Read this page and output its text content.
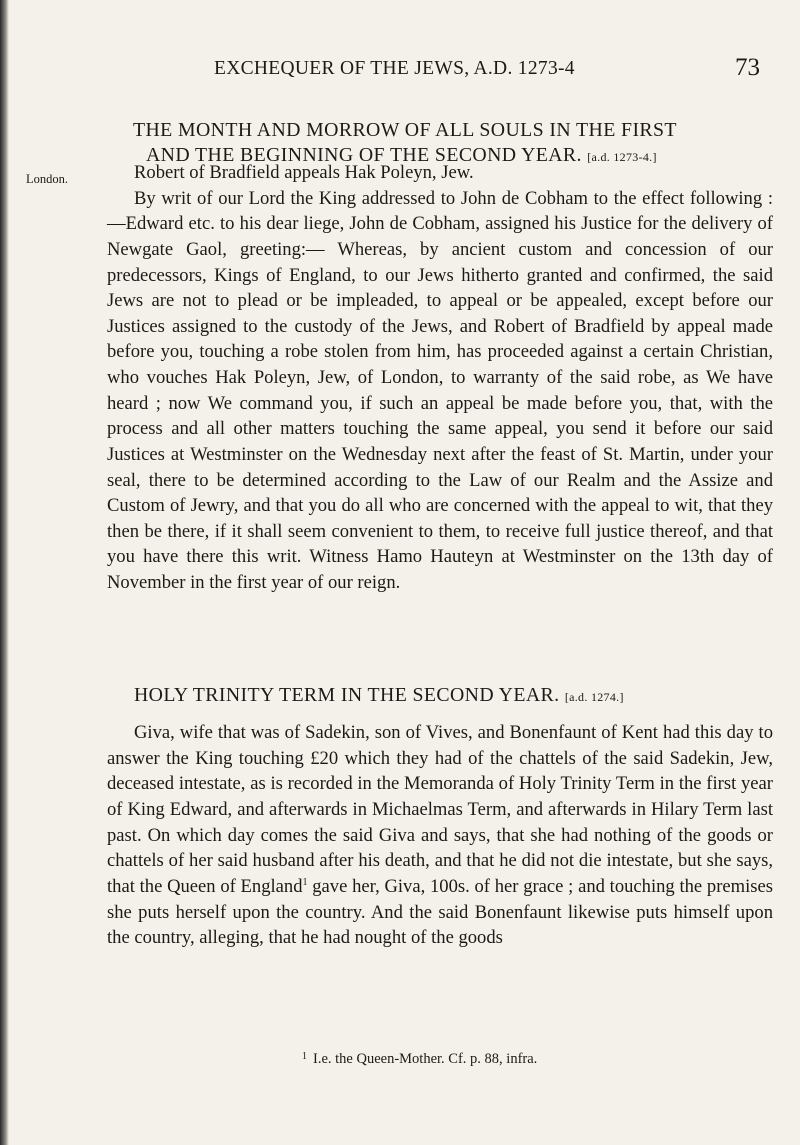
EXCHEQUER OF THE JEWS, A.D. 1273-4	73
THE MONTH AND MORROW OF ALL SOULS IN THE FIRST
AND THE BEGINNING OF THE SECOND YEAR. [a.d. 1273-4.]
London.	Robert of Bradfield appeals Hak Poleyn, Jew.

By writ of our Lord the King addressed to John de Cobham to the effect following :—Edward etc. to his dear liege, John de Cobham, assigned his Justice for the delivery of Newgate Gaol, greeting:— Whereas, by ancient custom and concession of our predecessors, Kings of England, to our Jews hitherto granted and confirmed, the said Jews are not to plead or be impleaded, to appeal or be appealed, except before our Justices assigned to the custody of the Jews, and Robert of Bradfield by appeal made before you, touching a robe stolen from him, has proceeded against a certain Christian, who vouches Hak Poleyn, Jew, of London, to warranty of the said robe, as We have heard ; now We command you, if such an appeal be made before you, that, with the process and all other matters touching the same appeal, you send it before our said Justices at Westminster on the Wednesday next after the feast of St. Martin, under your seal, there to be determined according to the Law of our Realm and the Assize and Custom of Jewry, and that you do all who are concerned with the appeal to wit, that they then be there, if it shall seem convenient to them, to receive full justice thereof, and that you have there this writ. Witness Hamo Hauteyn at Westminster on the 13th day of November in the first year of our reign.

HOLY TRINITY TERM IN THE SECOND YEAR. [a.d. 1274.]

Giva, wife that was of Sadekin, son of Vives, and Bonenfaunt of Kent had this day to answer the King touching £20 which they had of the chattels of the said Sadekin, Jew, deceased intestate, as is recorded in the Memoranda of Holy Trinity Term in the first year of King Edward, and afterwards in Michaelmas Term, and afterwards in Hilary Term last past. On which day comes the said Giva and says, that she had nothing of the goods or chattels of her said husband after his death, and that he did not die intestate, but she says, that the Queen of England$^1$ gave her, Giva, 100s. of her grace ; and touching the premises she puts herself upon the country. And the said Bonenfaunt likewise puts himself upon the country, alleging, that he had nought of the goods

$^1$ I.e. the Queen-Mother. Cf. p. 88, infra.
